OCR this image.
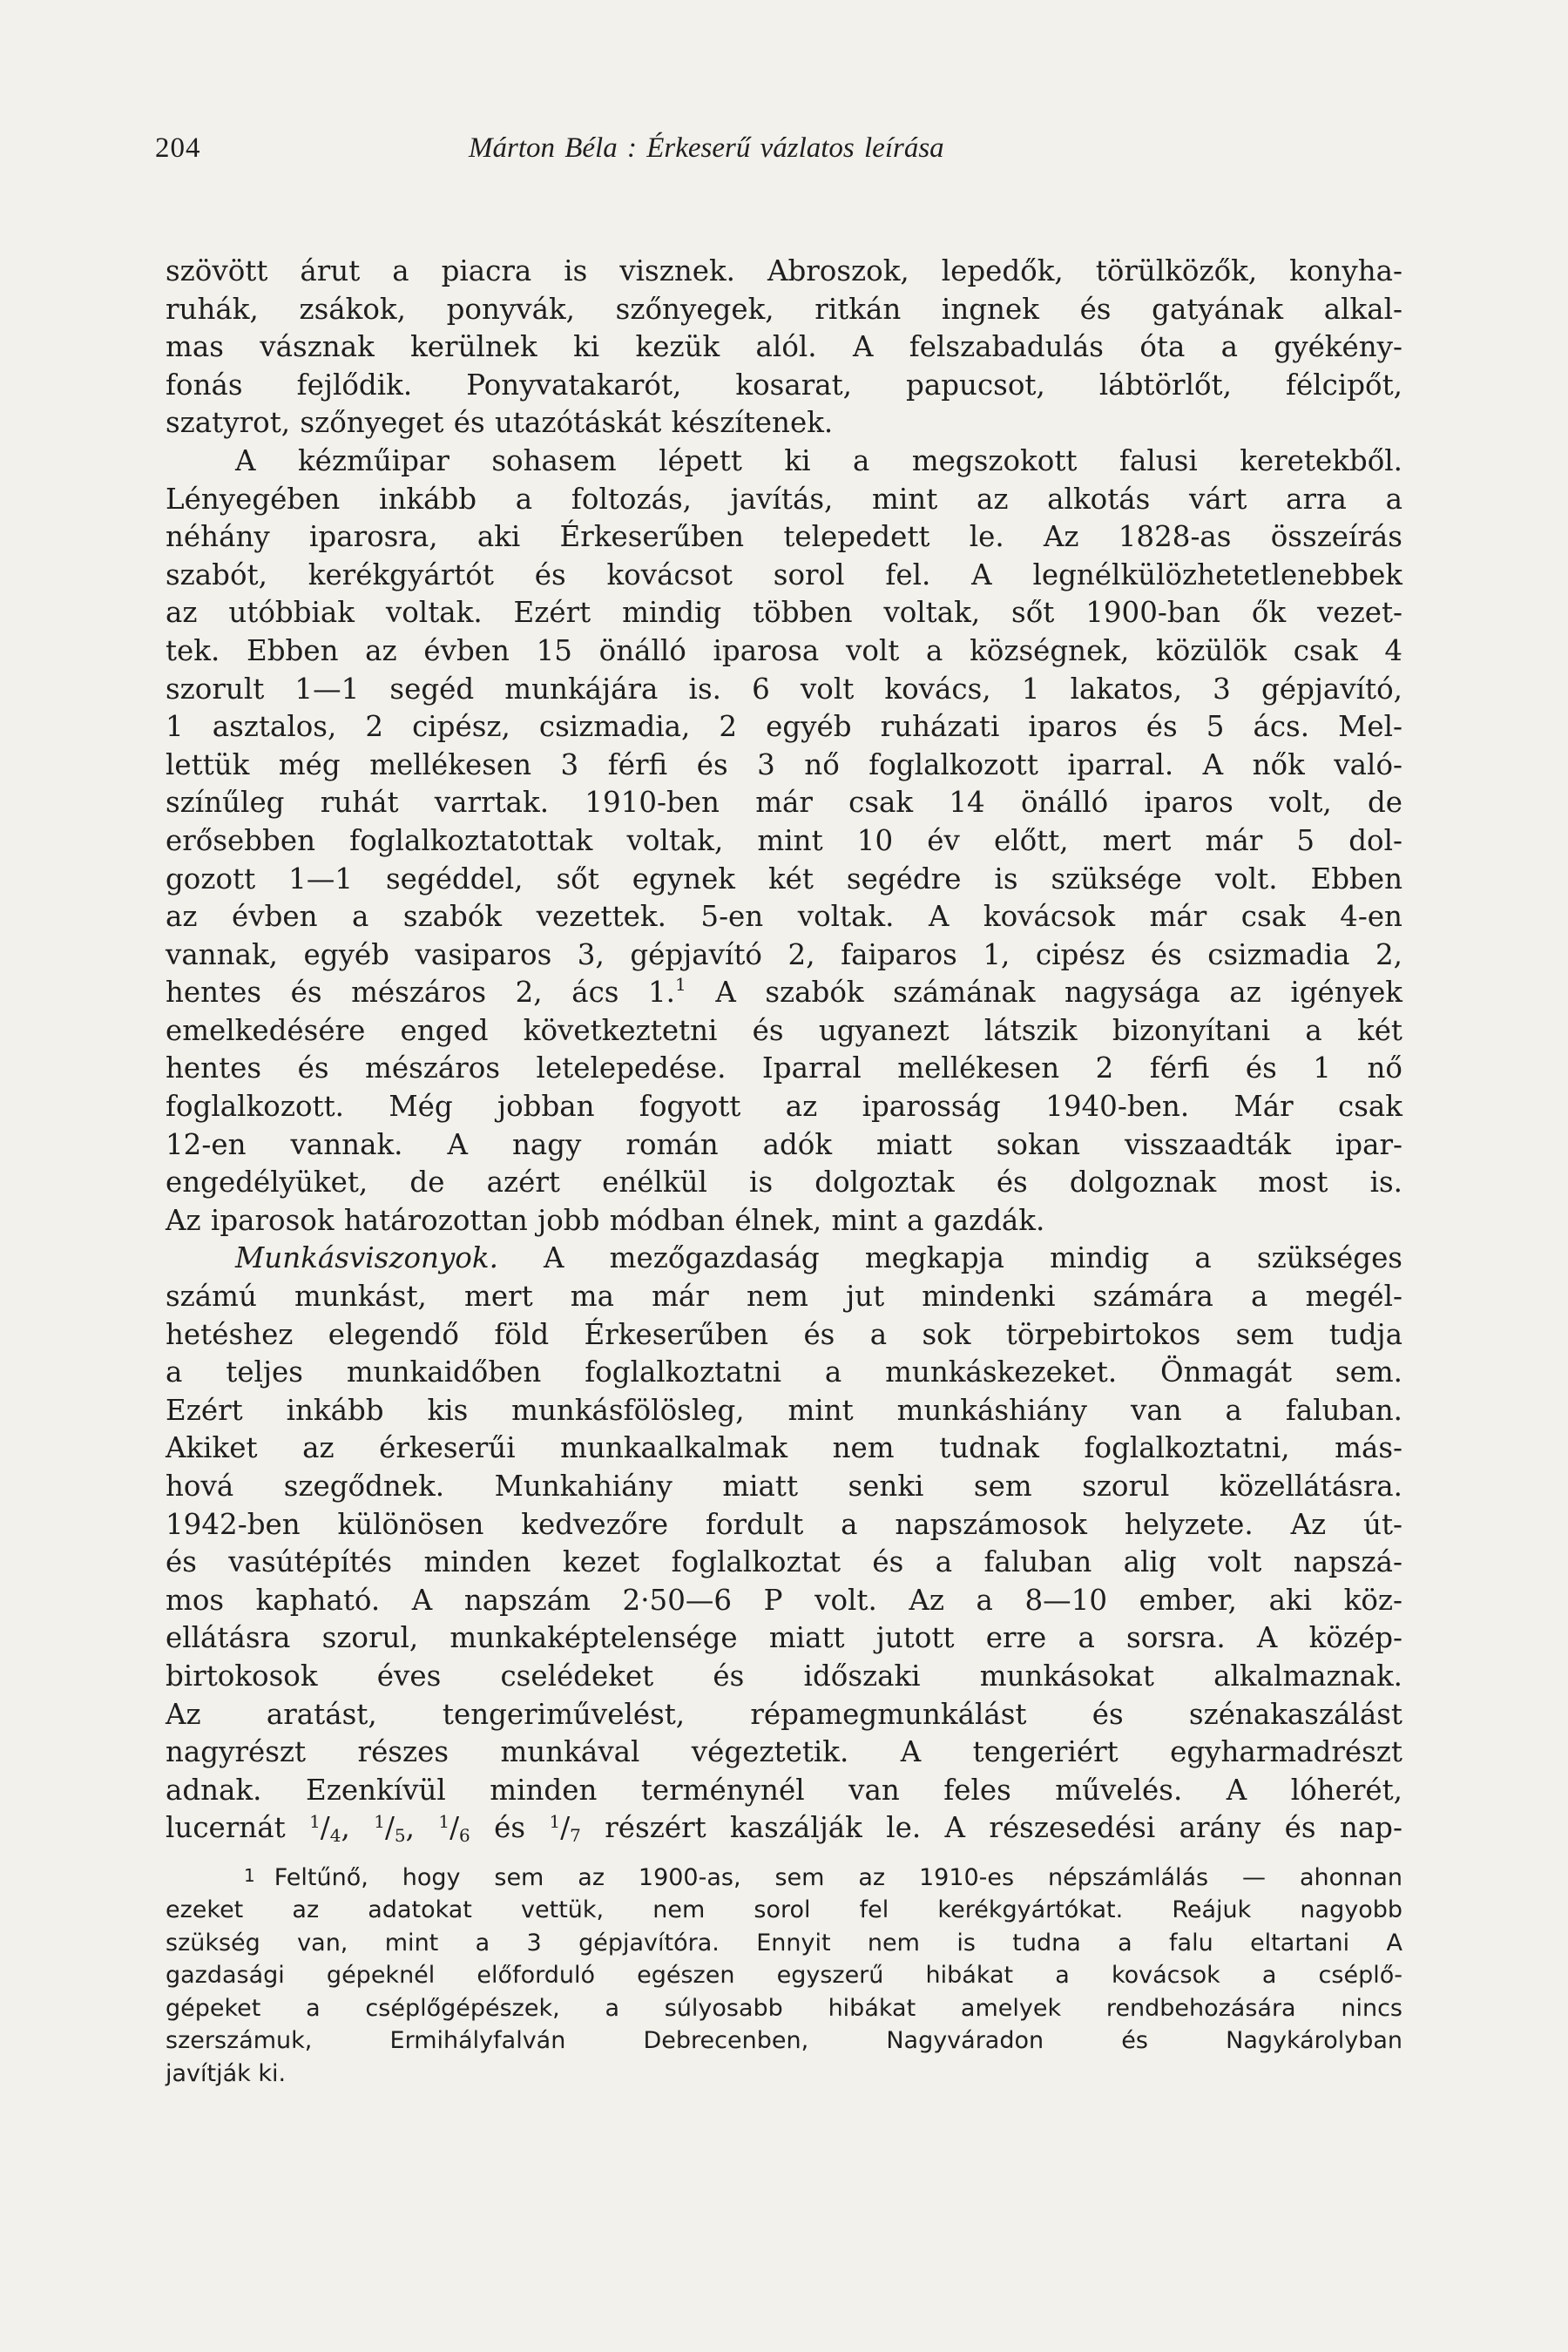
204	Márton Béla : Érkeserű vázlatos leírása
szövött árut a piacra is visznek. Abroszok, lepedők, törülközők, konyha-
ruhák, zsákok, ponyvák, szőnyegek, ritkán ingnek és gatyának alkal-
mas vásznak kerülnek ki kezük alól. A felszabadulás óta a gyékény-
fonás fejlődik. Ponyvatakarót, kosarat, papucsot, lábtörlőt, félcipőt,
szatyrot, szőnyeget és utazótáskát készítenek.
A kézműipar sohasem lépett ki a megszokott falusi keretekből.
Lényegében inkább a foltozás, javítás, mint az alkotás várt arra a
néhány iparosra, aki Érkeserűben telepedett le. Az 1828-as összeírás
szabót, kerékgyártót és kovácsot sorol fel. A legnélkülözhetetlenebbek
az utóbbiak voltak. Ezért mindig többen voltak, sőt 1900-ban ők vezet-
tek. Ebben az évben 15 önálló iparosa volt a községnek, közülök csak 4
szorult 1—1 segéd munkájára is. 6 volt kovács, 1 lakatos, 3 gépjavító,
1 asztalos, 2 cipész, csizmadia, 2 egyéb ruházati iparos és 5 ács. Mel-
lettük még mellékesen 3 férfi és 3 nő foglalkozott iparral. A nők való-
színűleg ruhát varrtak. 1910-ben már csak 14 önálló iparos volt, de
erősebben foglalkoztatottak voltak, mint 10 év előtt, mert már 5 dol-
gozott 1—1 segéddel, sőt egynek két segédre is szüksége volt. Ebben
az évben a szabók vezettek. 5-en voltak. A kovácsok már csak 4-en
vannak, egyéb vasiparos 3, gépjavító 2, faiparos 1, cipész és csizmadia 2,
hentes és mészáros 2, ács 1.$^1$ A szabók számának nagysága az igények
emelkedésére enged következtetni és ugyanezt látszik bizonyítani a két
hentes és mészáros letelepedése. Iparral mellékesen 2 férfi és 1 nő
foglalkozott. Még jobban fogyott az iparosság 1940-ben. Már csak
12-en vannak. A nagy román adók miatt sokan visszaadták ipar-
engedélyüket, de azért enélkül is dolgoztak és dolgoznak most is.
Az iparosok határozottan jobb módban élnek, mint a gazdák.
Munkásviszonyok. A mezőgazdaság megkapja mindig a szükséges
számú munkást, mert ma már nem jut mindenki számára a megél-
hetéshez elegendő föld Érkeserűben és a sok törpebirtokos sem tudja
a teljes munkaidőben foglalkoztatni a munkáskezeket. Önmagát sem.
Ezért inkább kis munkásfölösleg, mint munkáshiány van a faluban.
Akiket az érkeserűi munkaalkalmak nem tudnak foglalkoztatni, más-
hová szegődnek. Munkahiány miatt senki sem szorul közellátásra.
1942-ben különösen kedvezőre fordult a napszámosok helyzete. Az út-
és vasútépítés minden kezet foglalkoztat és a faluban alig volt napszá-
mos kapható. A napszám 2·50—6 P volt. Az a 8—10 ember, aki köz-
ellátásra szorul, munkaképtelensége miatt jutott erre a sorsra. A közép-
birtokosok éves cselédeket és időszaki munkásokat alkalmaznak.
Az aratást, tengeriművelést, répamegmunkálást és szénakaszálást
nagyrészt részes munkával végeztetik. A tengeriért egyharmadrészt
adnak. Ezenkívül minden terménynél van feles művelés. A lóherét,
lucernát $^1/_4$, $^1/_5$, $^1/_6$ és $^1/_7$ részért kaszálják le. A részesedési arány és nap-
1 Feltűnő, hogy sem az 1900-as, sem az 1910-es népszámlálás — ahonnan
ezeket az adatokat vettük, nem sorol fel kerékgyártókat. Reájuk nagyobb
szükség van, mint a 3 gépjavítóra. Ennyit nem is tudna a falu eltartani A
gazdasági gépeknél előforduló egészen egyszerű hibákat a kovácsok a cséplő-
gépeket a cséplőgépészek, a súlyosabb hibákat amelyek rendbehozására nincs
szerszámuk, Ermihályfalván Debrecenben, Nagyváradon és Nagykárolyban
javítják ki.
